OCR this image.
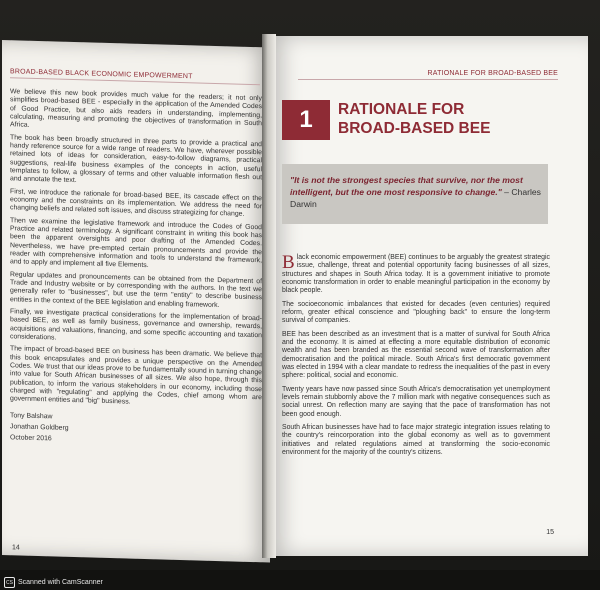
BROAD-BASED BLACK ECONOMIC EMPOWERMENT

We believe this new book provides much value for the readers; it not only simplifies broad-based BEE - especially in the application of the Amended Codes of Good Practice, but also aids readers in understanding, implementing, calculating, measuring and promoting the objectives of transformation in South Africa.

The book has been broadly structured in three parts to provide a practical and handy reference source for a wide range of readers. We have, wherever possible retained lots of ideas for consideration, easy-to-follow diagrams, practical suggestions, real-life business examples of the concepts in action, useful templates to follow, a glossary of terms and other valuable information flesh out and annotate the text.

First, we introduce the rationale for broad-based BEE, its cascade effect on the economy and the constraints on its implementation. We address the need for changing beliefs and related soft issues, and discuss strategizing for change.

Then we examine the legislative framework and introduce the Codes of Good Practice and related terminology. A significant constraint in writing this book has been the apparent oversights and poor drafting of the Amended Codes. Nevertheless, we have pre-empted certain pronouncements and provide the reader with comprehensive information and tools to understand the framework, and to apply and implement all five Elements.

Regular updates and pronouncements can be obtained from the Department of Trade and Industry website or by corresponding with the authors. In the text we generally refer to "businesses", but use the term "entity" to describe business entities in the context of the BEE legislation and enabling framework.

Finally, we investigate practical considerations for the implementation of broad-based BEE, as well as family business, governance and ownership, rewards, acquisitions and valuations, financing, and some specific accounting and taxation considerations.

The impact of broad-based BEE on business has been dramatic. We believe that this book encapsulates and provides a unique perspective on the Amended Codes. We trust that our ideas prove to be fundamentally sound in turning change into value for South African businesses of all sizes. We also hope, through this publication, to inform the various stakeholders in our economy, including those charged with "regulating" and applying the Codes, chief among whom are government entities and "big" business.

Tony Balshaw
Jonathan Goldberg
October 2016
14
RATIONALE FOR BROAD-BASED BEE
1	RATIONALE FOR
BROAD-BASED BEE
"It is not the strongest species that survive, nor the most intelligent, but the one most responsive to change." – Charles Darwin

Black economic empowerment (BEE) continues to be arguably the greatest strategic issue, challenge, threat and potential opportunity facing businesses of all sizes, structures and shapes in South Africa today. It is a government initiative to promote economic transformation in order to enable meaningful participation in the economy by black people.

The socioeconomic imbalances that existed for decades (even centuries) required reform, greater ethical conscience and "ploughing back" to ensure the long-term survival of companies.

BEE has been described as an investment that is a matter of survival for South Africa and the economy. It is aimed at effecting a more equitable distribution of economic wealth and has been branded as the essential second wave of transformation after democratisation and the political miracle. South Africa's first democratic government was elected in 1994 with a clear mandate to redress the inequalities of the past in every sphere: political, social and economic.

Twenty years have now passed since South Africa's democratisation yet unemployment levels remain stubbornly above the 7 million mark with negative consequences such as social unrest. On reflection many are saying that the pace of transformation has not been good enough.

South African businesses have had to face major strategic integration issues relating to the country's reincorporation into the global economy as well as to government initiatives and related regulations aimed at transforming the socio-economic environment for the majority of the country's citizens.

15
CS Scanned with CamScanner
